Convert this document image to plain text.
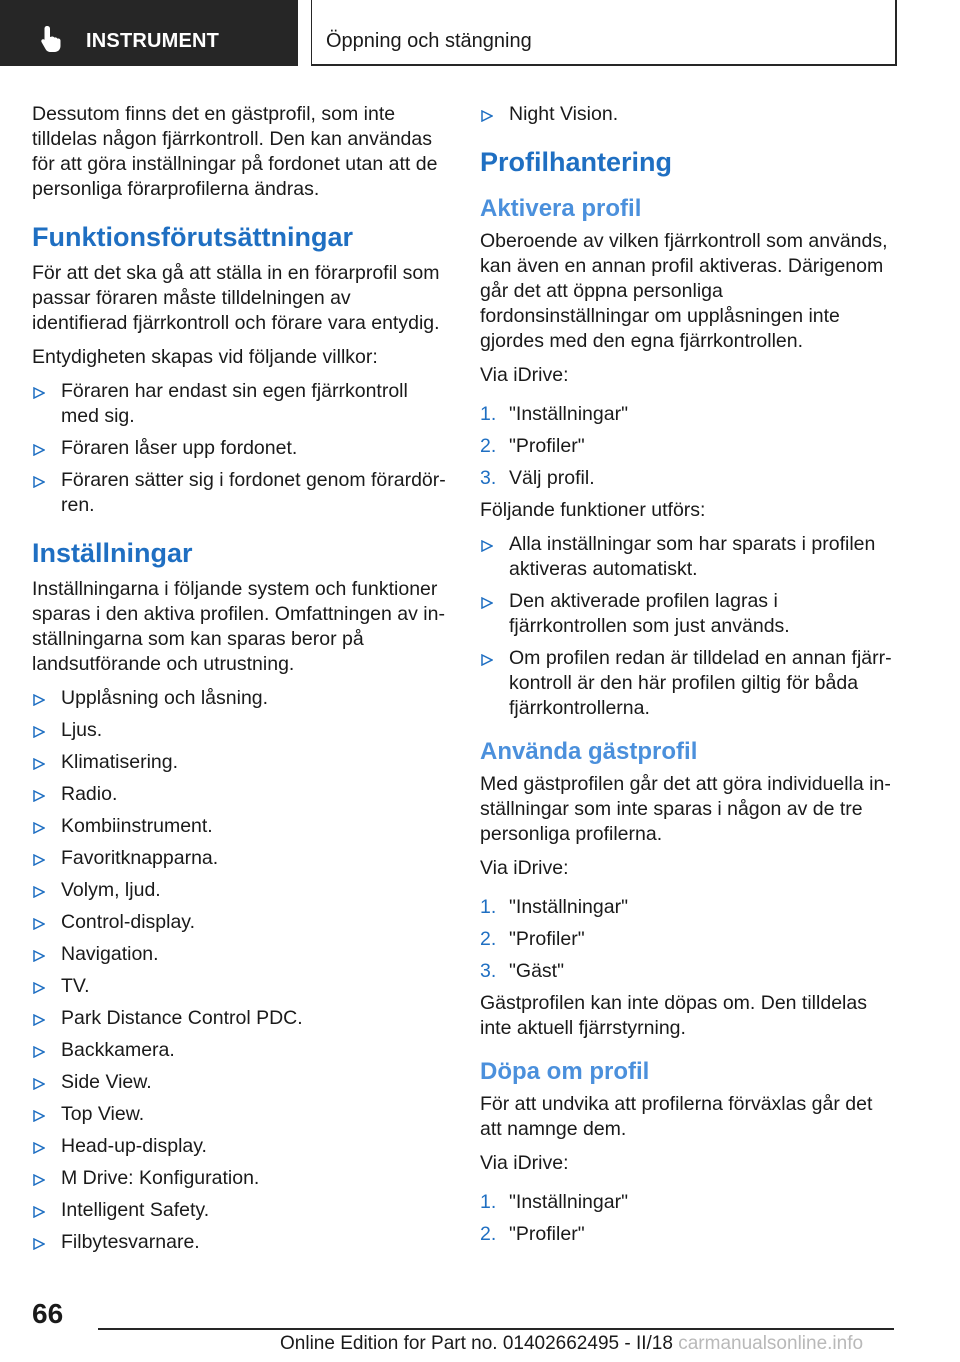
INSTRUMENT	Öppning och stängning

Dessutom finns det en gästprofil, som inte tilldelas någon fjärrkontroll. Den kan användas för att göra inställningar på fordonet utan att de personliga förarprofilerna ändras.

Funktionsförutsättningar

För att det ska gå att ställa in en förarprofil som passar föraren måste tilldelningen av identifierad fjärrkontroll och förare vara entydig.

Entydigheten skapas vid följande villkor:

Föraren har endast sin egen fjärrkontroll med sig.
Föraren låser upp fordonet.
Föraren sätter sig i fordonet genom förardörren.
Inställningar

Inställningarna i följande system och funktioner sparas i den aktiva profilen. Omfattningen av inställningarna som kan sparas beror på landsutförande och utrustning.

Upplåsning och låsning.
Ljus.
Klimatisering.
Radio.
Kombiinstrument.
Favoritknapparna.
Volym, ljud.
Control-display.
Navigation.
TV.
Park Distance Control PDC.
Backkamera.
Side View.
Top View.
Head-up-display.
M Drive: Konfiguration.
Intelligent Safety.
Filbytesvarnare.
Night Vision.
Profilhantering
Aktivera profil

Oberoende av vilken fjärrkontroll som används, kan även en annan profil aktiveras. Därigenom går det att öppna personliga fordonsinställningar om upplåsningen inte gjordes med den egna fjärrkontrollen.

Via iDrive:

1. "Inställningar"
2. "Profiler"
3. Välj profil.

Följande funktioner utförs:

Alla inställningar som har sparats i profilen aktiveras automatiskt.
Den aktiverade profilen lagras i fjärrkontrollen som just används.
Om profilen redan är tilldelad en annan fjärrkontroll är den här profilen giltig för båda fjärrkontrollerna.
Använda gästprofil

Med gästprofilen går det att göra individuella inställningar som inte sparas i någon av de tre personliga profilerna.

Via iDrive:

1. "Inställningar"
2. "Profiler"
3. "Gäst"

Gästprofilen kan inte döpas om. Den tilldelas inte aktuell fjärrstyrning.

Döpa om profil

För att undvika att profilerna förväxlas går det att namnge dem.

Via iDrive:

1. "Inställningar"
2. "Profiler"
66
Online Edition for Part no. 01402662495 - II/18 carmanualsonline.info
